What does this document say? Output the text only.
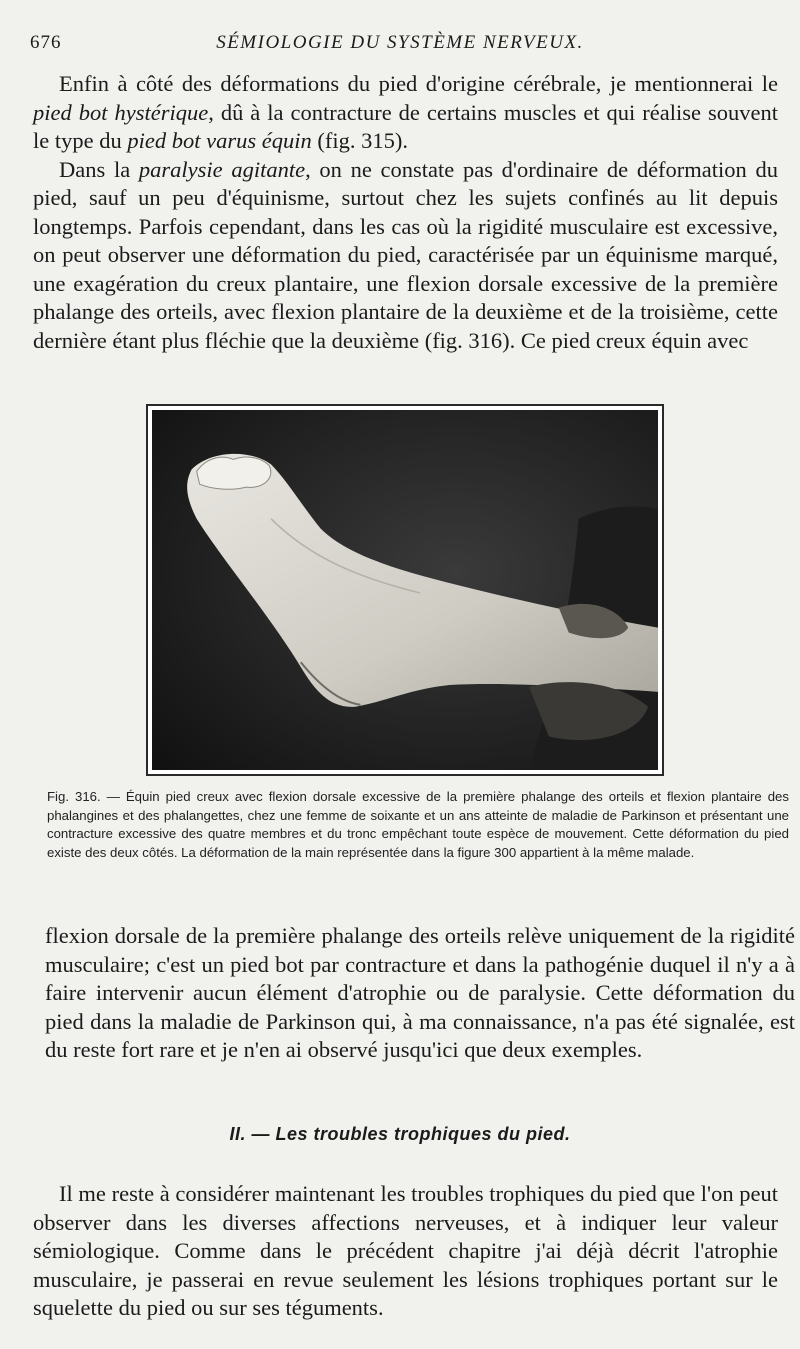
676	SÉMIOLOGIE DU SYSTÈME NERVEUX.

Enfin à côté des déformations du pied d'origine cérébrale, je mentionnerai le pied bot hystérique, dû à la contracture de certains muscles et qui réalise souvent le type du pied bot varus équin (fig. 315).

Dans la paralysie agitante, on ne constate pas d'ordinaire de déformation du pied, sauf un peu d'équinisme, surtout chez les sujets confinés au lit depuis longtemps. Parfois cependant, dans les cas où la rigidité musculaire est excessive, on peut observer une déformation du pied, caractérisée par un équinisme marqué, une exagération du creux plantaire, une flexion dorsale excessive de la première phalange des orteils, avec flexion plantaire de la deuxième et de la troisième, cette dernière étant plus fléchie que la deuxième (fig. 316). Ce pied creux équin avec

Fig. 316. — Équin pied creux avec flexion dorsale excessive de la première phalange des orteils et flexion plantaire des phalangines et des phalangettes, chez une femme de soixante et un ans atteinte de maladie de Parkinson et présentant une contracture excessive des quatre membres et du tronc empêchant toute espèce de mouvement. Cette déformation du pied existe des deux côtés. La déformation de la main représentée dans la figure 300 appartient à la même malade.

flexion dorsale de la première phalange des orteils relève uniquement de la rigidité musculaire; c'est un pied bot par contracture et dans la pathogénie duquel il n'y a à faire intervenir aucun élément d'atrophie ou de paralysie. Cette déformation du pied dans la maladie de Parkinson qui, à ma connaissance, n'a pas été signalée, est du reste fort rare et je n'en ai observé jusqu'ici que deux exemples.

II. — Les troubles trophiques du pied.

Il me reste à considérer maintenant les troubles trophiques du pied que l'on peut observer dans les diverses affections nerveuses, et à indiquer leur valeur sémiologique. Comme dans le précédent chapitre j'ai déjà décrit l'atrophie musculaire, je passerai en revue seulement les lésions trophiques portant sur le squelette du pied ou sur ses téguments.
